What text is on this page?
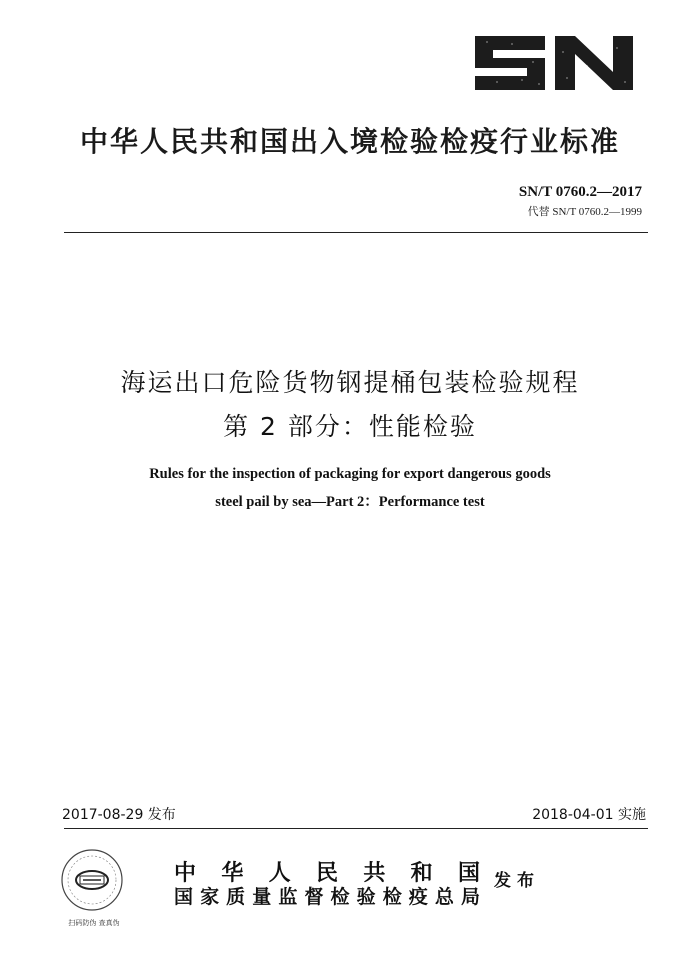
中华人民共和国出入境检验检疫行业标准
SN/T 0760.2—2017
代替 SN/T 0760.2—1999
海运出口危险货物钢提桶包装检验规程
第 2 部分：性能检验
Rules for the inspection of packaging for export dangerous goods
steel pail by sea—Part 2：Performance test
2017-08-29 发布	2018-04-01 实施
扫码防伪 查真伪
中华人民共和国
国家质量监督检验检疫总局
发布
